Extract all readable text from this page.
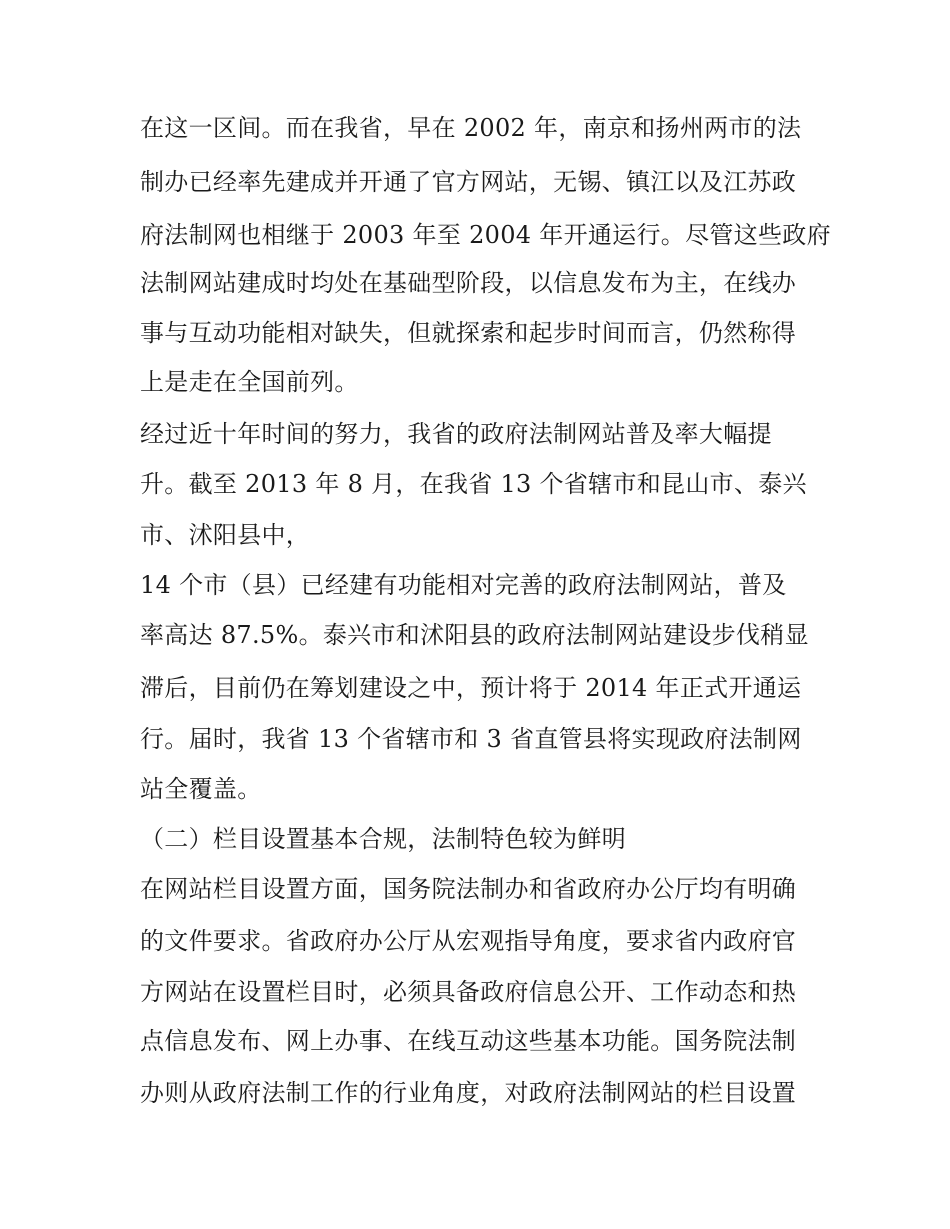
在这一区间。而在我省，早在 2002 年，南京和扬州两市的法
制办已经率先建成并开通了官方网站，无锡、镇江以及江苏政
府法制网也相继于 2003 年至 2004 年开通运行。尽管这些政府
法制网站建成时均处在基础型阶段，以信息发布为主，在线办
事与互动功能相对缺失，但就探索和起步时间而言，仍然称得
上是走在全国前列。
经过近十年时间的努力，我省的政府法制网站普及率大幅提
升。截至 2013 年 8 月，在我省 13 个省辖市和昆山市、泰兴
市、沭阳县中，
14 个市（县）已经建有功能相对完善的政府法制网站，普及
率高达 87.5%。泰兴市和沭阳县的政府法制网站建设步伐稍显
滞后，目前仍在筹划建设之中，预计将于 2014 年正式开通运
行。届时，我省 13 个省辖市和 3 省直管县将实现政府法制网
站全覆盖。
（二）栏目设置基本合规，法制特色较为鲜明
在网站栏目设置方面，国务院法制办和省政府办公厅均有明确
的文件要求。省政府办公厅从宏观指导角度，要求省内政府官
方网站在设置栏目时，必须具备政府信息公开、工作动态和热
点信息发布、网上办事、在线互动这些基本功能。国务院法制
办则从政府法制工作的行业角度，对政府法制网站的栏目设置
